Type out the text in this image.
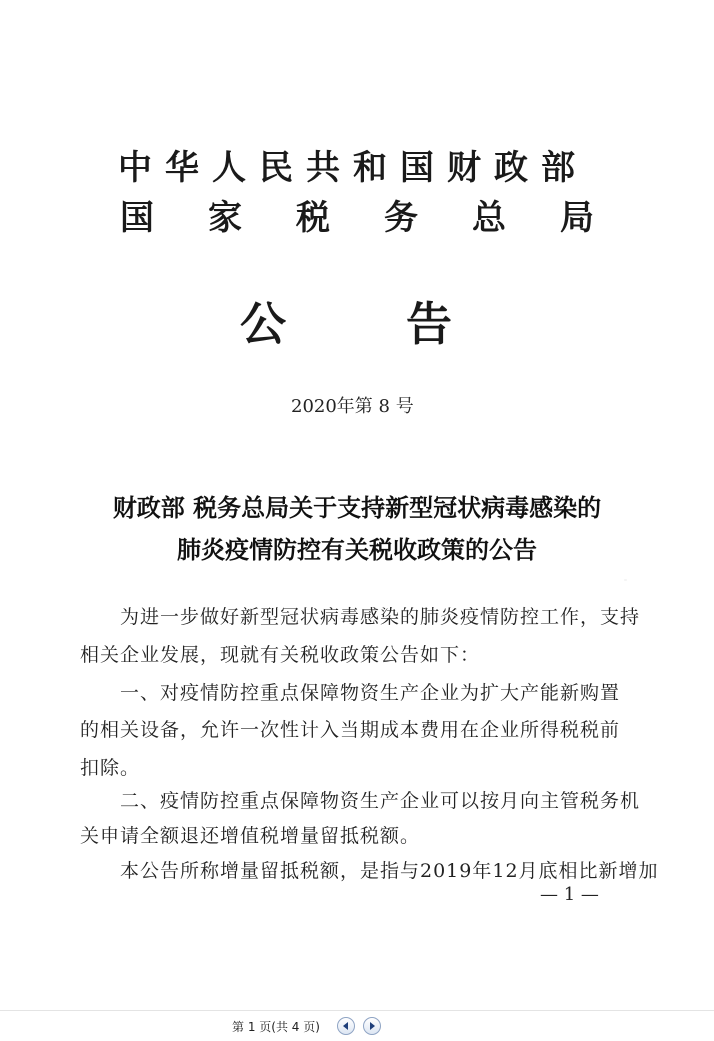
中华人民共和国财政部
国家税务总局
公告
2020年第 8 号
财政部 税务总局关于支持新型冠状病毒感染的
肺炎疫情防控有关税收政策的公告
为进一步做好新型冠状病毒感染的肺炎疫情防控工作，支持
相关企业发展，现就有关税收政策公告如下：
一、对疫情防控重点保障物资生产企业为扩大产能新购置
的相关设备，允许一次性计入当期成本费用在企业所得税税前
扣除。
二、疫情防控重点保障物资生产企业可以按月向主管税务机
关申请全额退还增值税增量留抵税额。
本公告所称增量留抵税额，是指与2019年12月底相比新增加
— 1 —
第 1 页(共 4 页)
